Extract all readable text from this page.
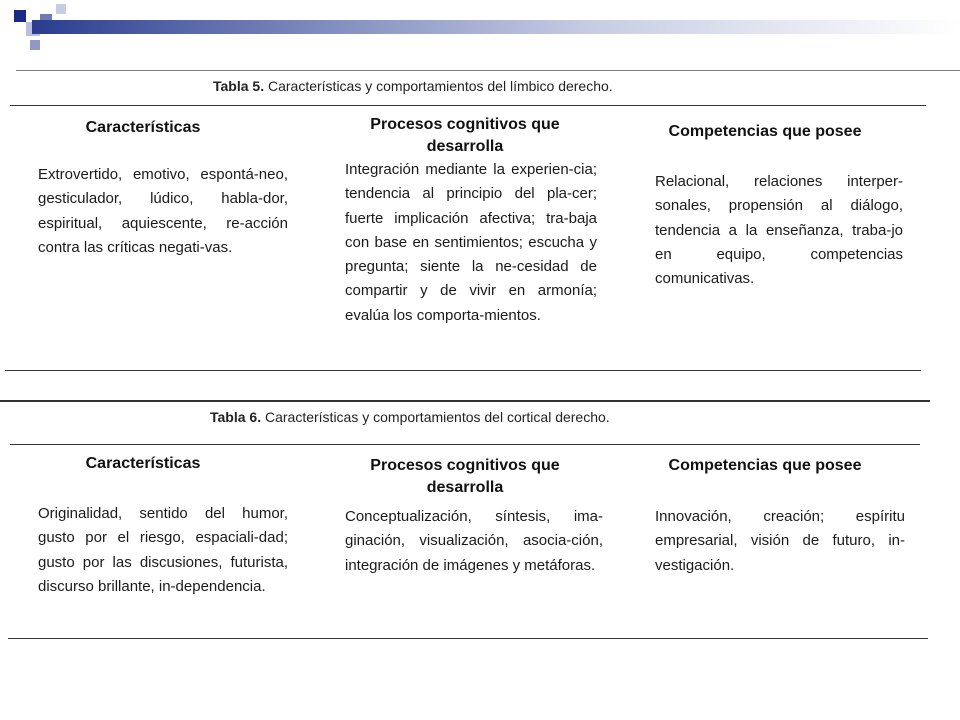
Tabla 5. Características y comportamientos del límbico derecho.
Características	Procesos cognitivos que desarrolla
Competencias que posee
Extrovertido, emotivo, espontá-neo, gesticulador, lúdico, habla-dor, espiritual, aquiescente, re-acción contra las críticas negati-vas.
Integración mediante la experien-cia; tendencia al principio del pla-cer; fuerte implicación afectiva; tra-baja con base en sentimientos; escucha y pregunta; siente la ne-cesidad de compartir y de vivir en armonía; evalúa los comporta-mientos.
Relacional, relaciones interper-sonales, propensión al diálogo, tendencia a la enseñanza, traba-jo en equipo, competencias comunicativas.
Tabla 6. Características y comportamientos del cortical derecho.
Características	Procesos cognitivos que desarrolla
Competencias que posee
Originalidad, sentido del humor, gusto por el riesgo, espaciali-dad; gusto por las discusiones, futurista, discurso brillante, in-dependencia.
Conceptualización, síntesis, ima-ginación, visualización, asocia-ción, integración de imágenes y metáforas.
Innovación, creación; espíritu empresarial, visión de futuro, in-vestigación.
